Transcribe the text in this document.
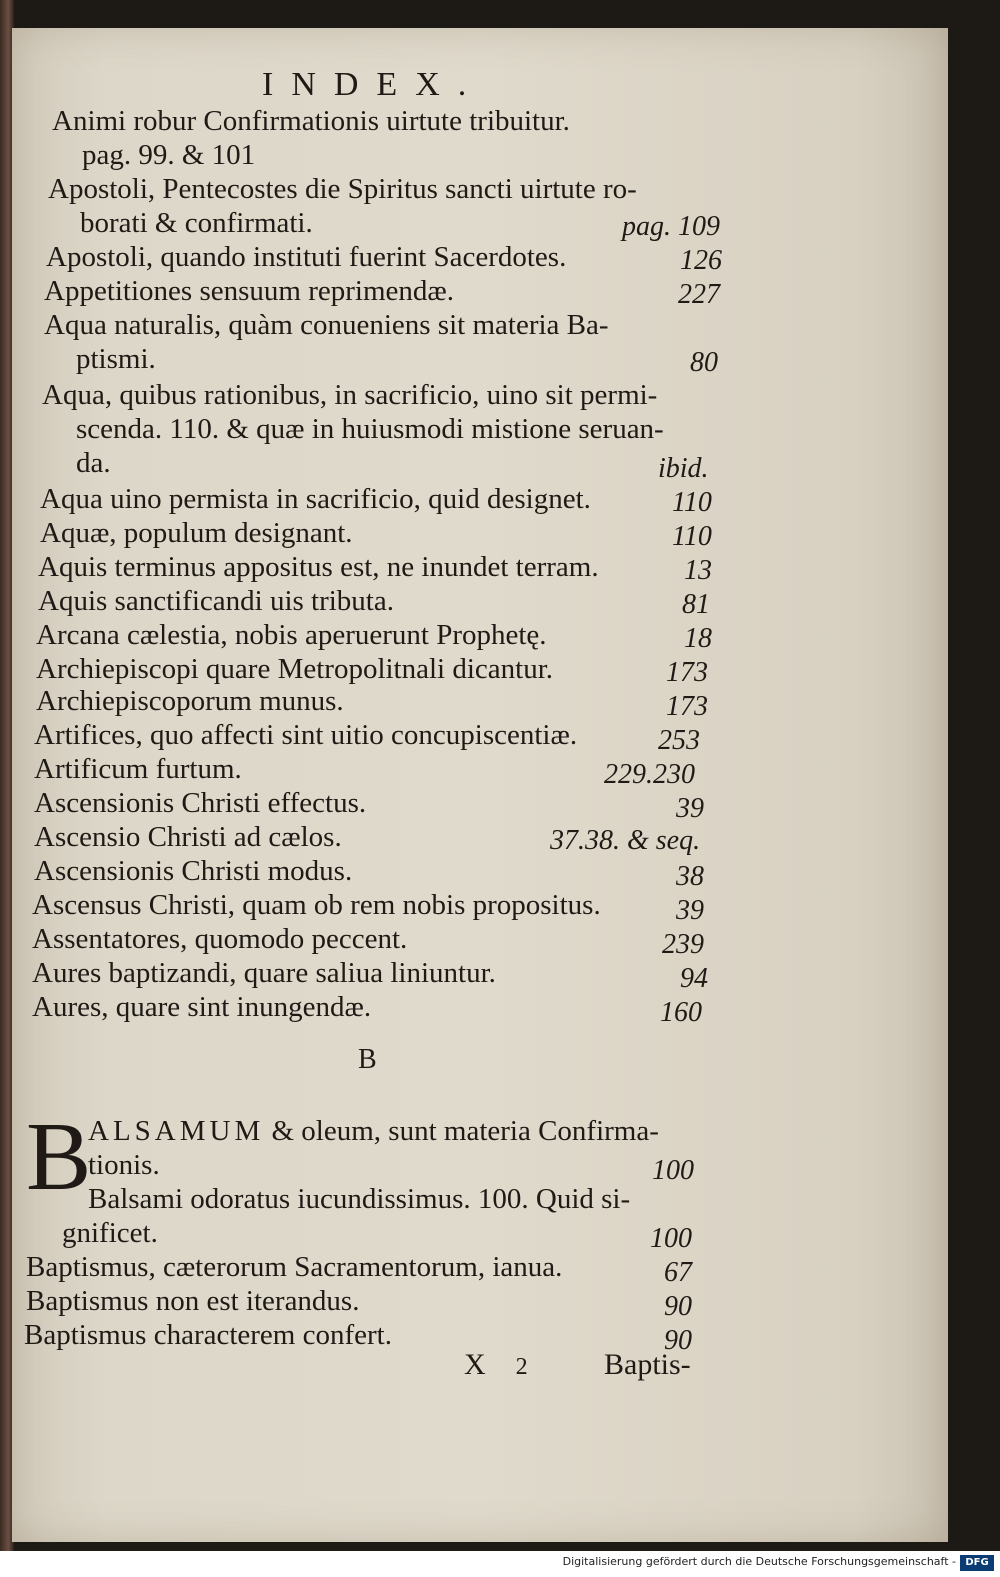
INDEX.
Animi robur Confirmationis uirtute tribuitur.
pag. 99. & 101
Apostoli, Pentecostes die Spiritus sancti uirtute ro-
borati & confirmati.	pag. 109
Apostoli, quando instituti fuerint Sacerdotes.	126
Appetitiones sensuum reprimendæ.	227
Aqua naturalis, quàm conueniens sit materia Ba-
ptismi.	80
Aqua, quibus rationibus, in sacrificio, uino sit permi-
scenda. 110. & quæ in huiusmodi mistione seruan-
da.	ibid.
Aqua uino permista in sacrificio, quid designet.	110
Aquæ, populum designant.	110
Aquis terminus appositus est, ne inundet terram.	13
Aquis sanctificandi uis tributa.	81
Arcana cælestia, nobis aperuerunt Prophetę.	18
Archiepiscopi quare Metropolitnali dicantur.	173
Archiepiscoporum munus.	173
Artifices, quo affecti sint uitio concupiscentiæ.	253
Artificum furtum.	229.230
Ascensionis Christi effectus.	39
Ascensio Christi ad cælos.	37.38. & seq.
Ascensionis Christi modus.	38
Ascensus Christi, quam ob rem nobis propositus.	39
Assentatores, quomodo peccent.	239
Aures baptizandi, quare saliua liniuntur.	94
Aures, quare sint inungendæ.	160
B
B
ALSAMUM & oleum, sunt materia Confirma-
tionis.	100
Balsami odoratus iucundissimus. 100. Quid si-
gnificet.	100
Baptismus, cæterorum Sacramentorum, ianua.	67
Baptismus non est iterandus.	90
Baptismus characterem confert.	90
X 2	Baptis-
Digitalisierung gefördert durch die Deutsche Forschungsgemeinschaft - DFG
